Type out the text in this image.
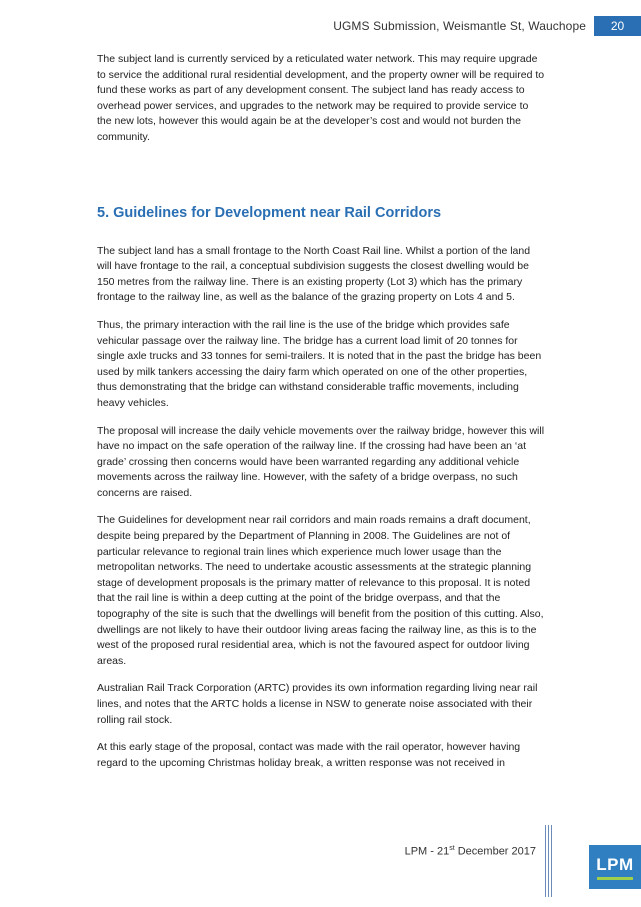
UGMS Submission, Weismantle St, Wauchope	20

The subject land is currently serviced by a reticulated water network. This may require upgrade to service the additional rural residential development, and the property owner will be required to fund these works as part of any development consent. The subject land has ready access to overhead power services, and upgrades to the network may be required to provide service to the new lots, however this would again be at the developer’s cost and would not burden the community.

5. Guidelines for Development near Rail Corridors

The subject land has a small frontage to the North Coast Rail line. Whilst a portion of the land will have frontage to the rail, a conceptual subdivision suggests the closest dwelling would be 150 metres from the railway line. There is an existing property (Lot 3) which has the primary frontage to the railway line, as well as the balance of the grazing property on Lots 4 and 5.

Thus, the primary interaction with the rail line is the use of the bridge which provides safe vehicular passage over the railway line. The bridge has a current load limit of 20 tonnes for single axle trucks and 33 tonnes for semi-trailers. It is noted that in the past the bridge has been used by milk tankers accessing the dairy farm which operated on one of the other properties, thus demonstrating that the bridge can withstand considerable traffic movements, including heavy vehicles.

The proposal will increase the daily vehicle movements over the railway bridge, however this will have no impact on the safe operation of the railway line. If the crossing had have been an ‘at grade’ crossing then concerns would have been warranted regarding any additional vehicle movements across the railway line. However, with the safety of a bridge overpass, no such concerns are raised.

The Guidelines for development near rail corridors and main roads remains a draft document, despite being prepared by the Department of Planning in 2008. The Guidelines are not of particular relevance to regional train lines which experience much lower usage than the metropolitan networks. The need to undertake acoustic assessments at the strategic planning stage of development proposals is the primary matter of relevance to this proposal. It is noted that the rail line is within a deep cutting at the point of the bridge overpass, and that the topography of the site is such that the dwellings will benefit from the position of this cutting. Also, dwellings are not likely to have their outdoor living areas facing the railway line, as this is to the west of the proposed rural residential area, which is not the favoured aspect for outdoor living areas.

Australian Rail Track Corporation (ARTC) provides its own information regarding living near rail lines, and notes that the ARTC holds a license in NSW to generate noise associated with their rolling rail stock.

At this early stage of the proposal, contact was made with the rail operator, however having regard to the upcoming Christmas holiday break, a written response was not received in

LPM - 21st December 2017
LPM
